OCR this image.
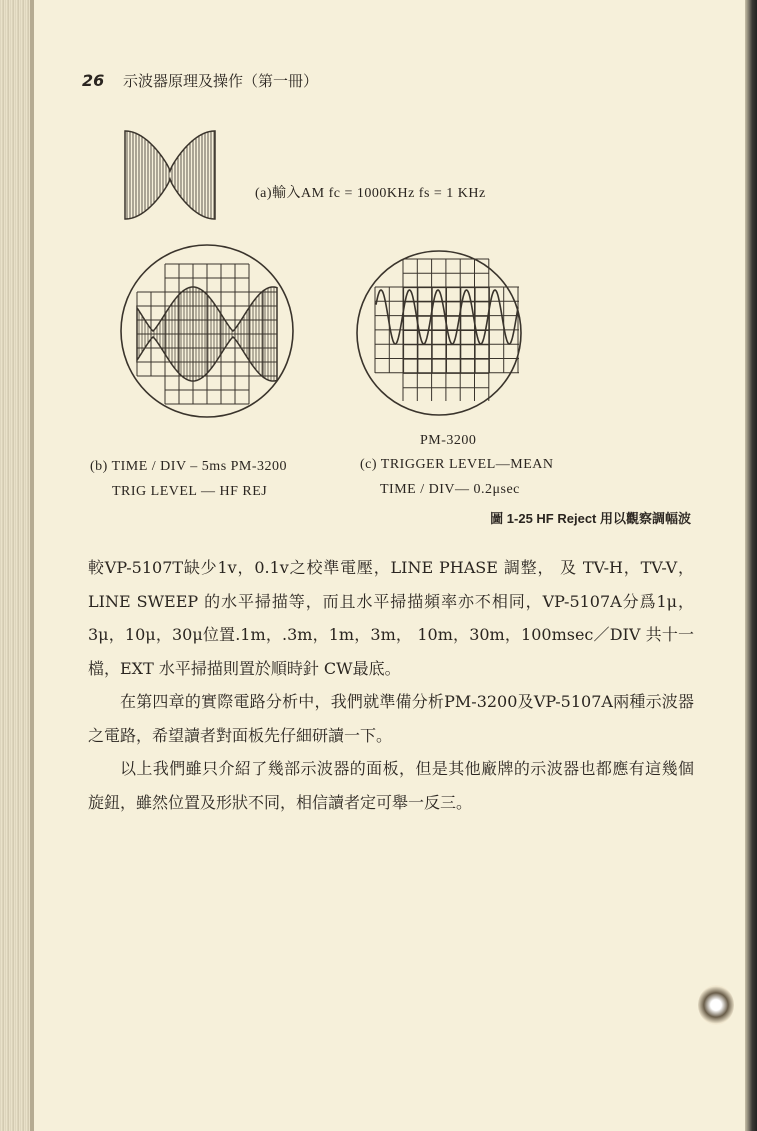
26 示波器原理及操作（第一冊）
(a)輸入AM fc = 1000KHz fs = 1 KHz
PM-3200
(b) TIME / DIV – 5ms PM-3200
TRIG LEVEL — HF REJ
(c) TRIGGER LEVEL—MEAN
TIME / DIV— 0.2μsec
圖 1-25 HF Reject 用以觀察調幅波

較VP-5107T缺少1v，0.1v之校準電壓，LINE PHASE 調整， 及 TV-H，TV-V，LINE SWEEP 的水平掃描等，而且水平掃描頻率亦不相同，VP-5107A分爲1μ，3μ，10μ，30μ位置.1m，.3m，1m，3m， 10m，30m，100msec／DIV 共十一檔，EXT 水平掃描則置於順時針 CW最底。

在第四章的實際電路分析中，我們就準備分析PM-3200及VP-5107A兩種示波器之電路，希望讀者對面板先仔細研讀一下。

以上我們雖只介紹了幾部示波器的面板，但是其他廠牌的示波器也都應有這幾個旋鈕，雖然位置及形狀不同，相信讀者定可舉一反三。
